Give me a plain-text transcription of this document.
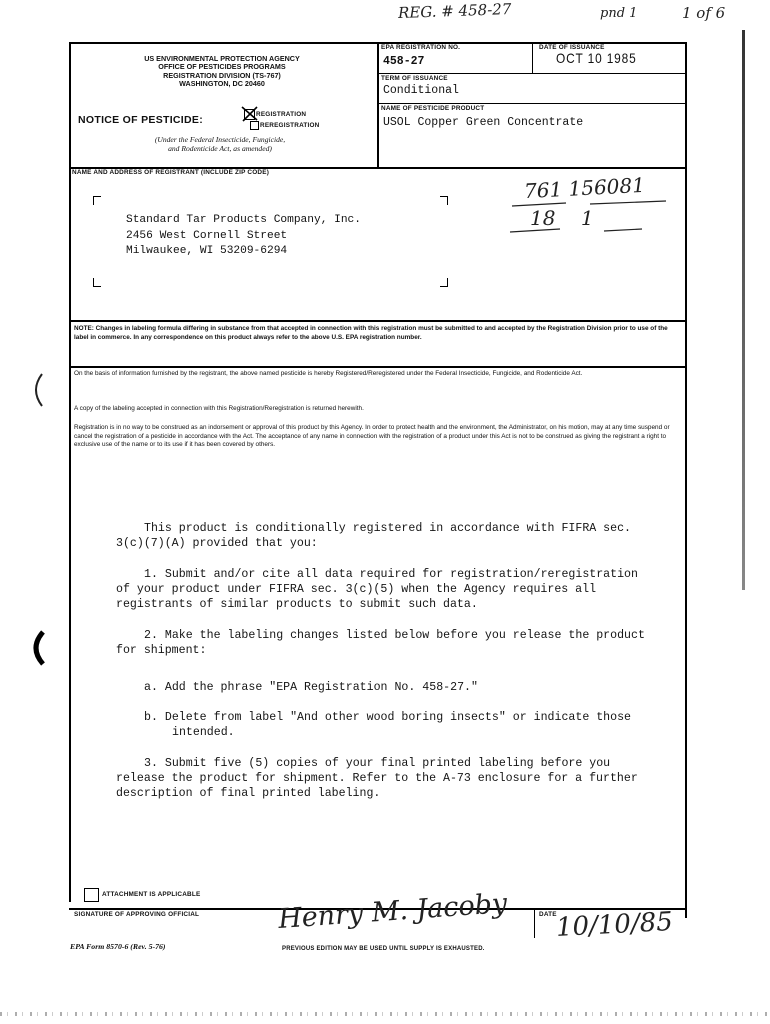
REG. # 458-27	pnd 1	1 of 6
US ENVIRONMENTAL PROTECTION AGENCY
OFFICE OF PESTICIDES PROGRAMS
REGISTRATION DIVISION (TS-767)
WASHINGTON, DC 20460
NOTICE OF PESTICIDE:	REGISTRATION
REREGISTRATION
(Under the Federal Insecticide, Fungicide,
and Rodenticide Act, as amended)
EPA REGISTRATION NO.
458-27
DATE OF ISSUANCE
OCT 10 1985
TERM OF ISSUANCE
Conditional
NAME OF PESTICIDE PRODUCT
USOL Copper Green Concentrate
NAME AND ADDRESS OF REGISTRANT (INCLUDE ZIP CODE)
Standard Tar Products Company, Inc.
2456 West Cornell Street
Milwaukee, WI 53209-6294
761 156081
18    1
NOTE: Changes in labeling formula differing in substance from that accepted in connection with this registration must be submitted to and accepted by the Registration Division prior to use of the label in commerce. In any correspondence on this product always refer to the above U.S. EPA registration number.
On the basis of information furnished by the registrant, the above named pesticide is hereby Registered/Reregistered under the Federal Insecticide, Fungicide, and Rodenticide Act.
A copy of the labeling accepted in connection with this Registration/Reregistration is returned herewith.
Registration is in no way to be construed as an indorsement or approval of this product by this Agency. In order to protect health and the environment, the Administrator, on his motion, may at any time suspend or cancel the registration of a pesticide in accordance with the Act. The acceptance of any name in connection with the registration of a product under this Act is not to be construed as giving the registrant a right to exclusive use of the name or to its use if it has been covered by others.
This product is conditionally registered in accordance with FIFRA sec.
3(c)(7)(A) provided that you:
1. Submit and/or cite all data required for registration/reregistration
of your product under FIFRA sec. 3(c)(5) when the Agency requires all
registrants of similar products to submit such data.
2. Make the labeling changes listed below before you release the product
for shipment:
a. Add the phrase "EPA Registration No. 458-27."
b. Delete from label "And other wood boring insects" or indicate those
intended.
3. Submit five (5) copies of your final printed labeling before you
release the product for shipment. Refer to the A-73 enclosure for a further
description of final printed labeling.
ATTACHMENT IS APPLICABLE
SIGNATURE OF APPROVING OFFICIAL	Henry M. Jacoby	DATE
10/10/85
EPA Form 8570-6 (Rev. 5-76)	PREVIOUS EDITION MAY BE USED UNTIL SUPPLY IS EXHAUSTED.
